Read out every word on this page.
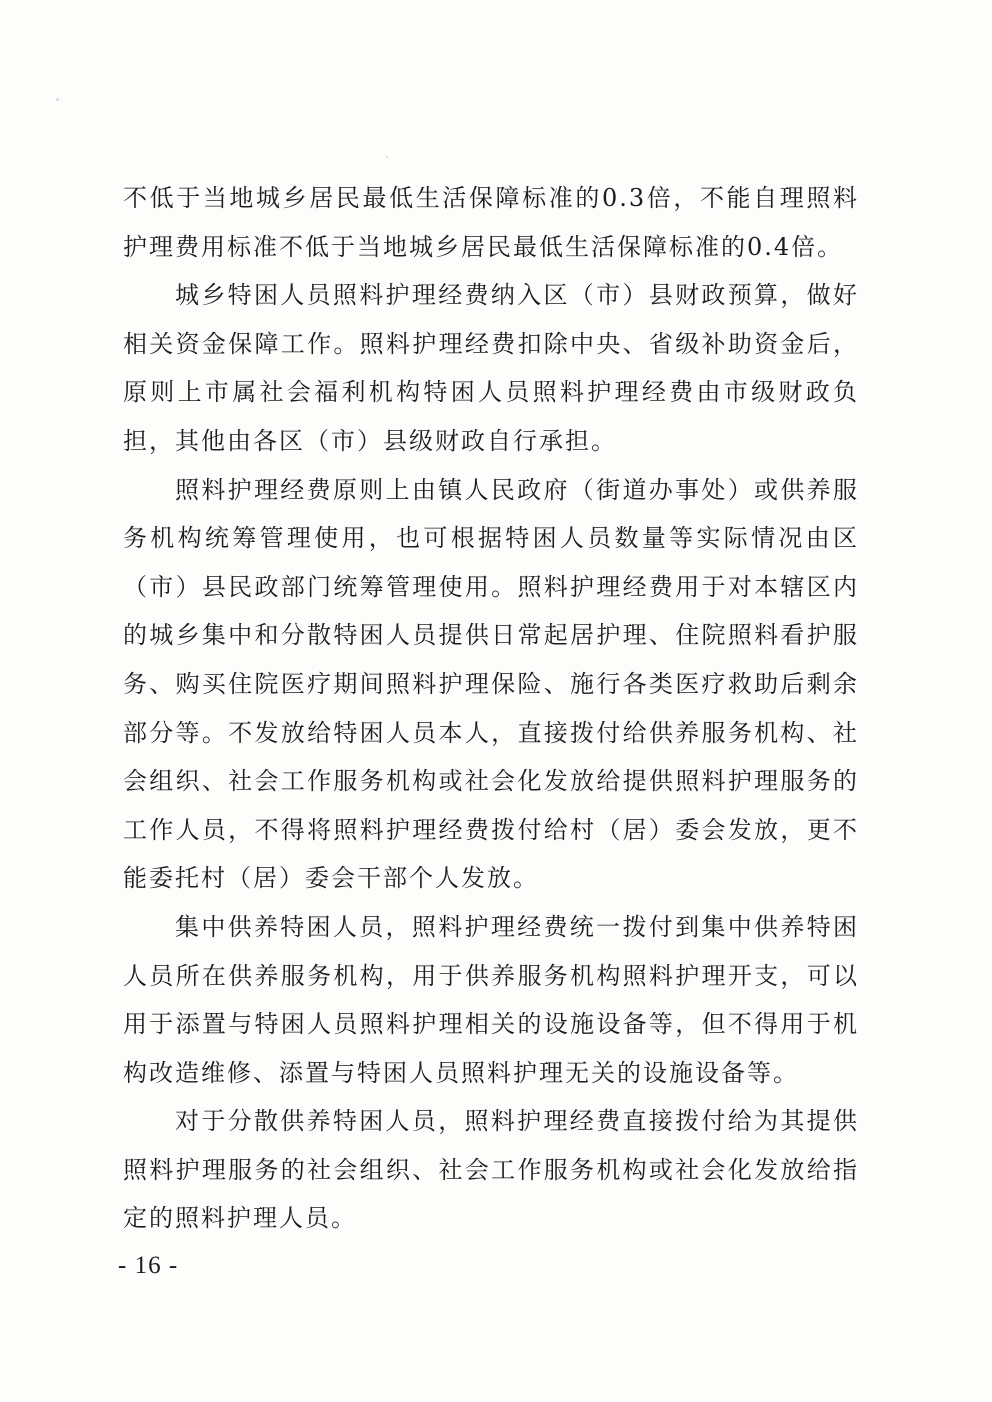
不低于当地城乡居民最低生活保障标准的0.3倍，不能自理照料护理费用标准不低于当地城乡居民最低生活保障标准的0.4倍。

城乡特困人员照料护理经费纳入区（市）县财政预算，做好相关资金保障工作。照料护理经费扣除中央、省级补助资金后，原则上市属社会福利机构特困人员照料护理经费由市级财政负担，其他由各区（市）县级财政自行承担。

照料护理经费原则上由镇人民政府（街道办事处）或供养服务机构统筹管理使用，也可根据特困人员数量等实际情况由区（市）县民政部门统筹管理使用。照料护理经费用于对本辖区内的城乡集中和分散特困人员提供日常起居护理、住院照料看护服务、购买住院医疗期间照料护理保险、施行各类医疗救助后剩余部分等。不发放给特困人员本人，直接拨付给供养服务机构、社会组织、社会工作服务机构或社会化发放给提供照料护理服务的工作人员，不得将照料护理经费拨付给村（居）委会发放，更不能委托村（居）委会干部个人发放。

集中供养特困人员，照料护理经费统一拨付到集中供养特困人员所在供养服务机构，用于供养服务机构照料护理开支，可以用于添置与特困人员照料护理相关的设施设备等，但不得用于机构改造维修、添置与特困人员照料护理无关的设施设备等。

对于分散供养特困人员，照料护理经费直接拨付给为其提供照料护理服务的社会组织、社会工作服务机构或社会化发放给指定的照料护理人员。

- 16 -
